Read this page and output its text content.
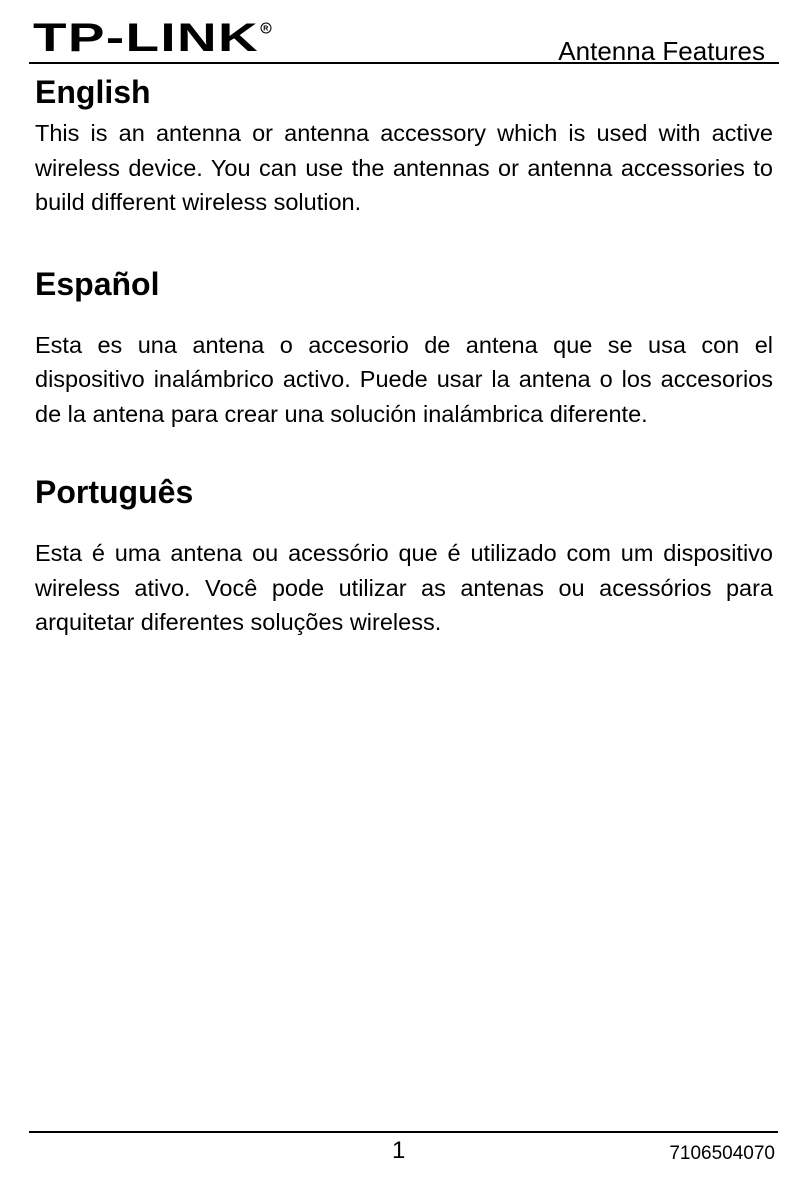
TP-LINK R
Antenna Features
English

This is an antenna or antenna accessory which is used with active wireless device. You can use the antennas or antenna accessories to build different wireless solution.

Español

Esta es una antena o accesorio de antena que se usa con el dispositivo inalámbrico activo. Puede usar la antena o los accesorios de la antena para crear una solución inalámbrica diferente.

Português

Esta é uma antena ou acessório que é utilizado com um dispositivo wireless ativo. Você pode utilizar as antenas ou acessórios para arquitetar diferentes soluções wireless.

1	7106504070
